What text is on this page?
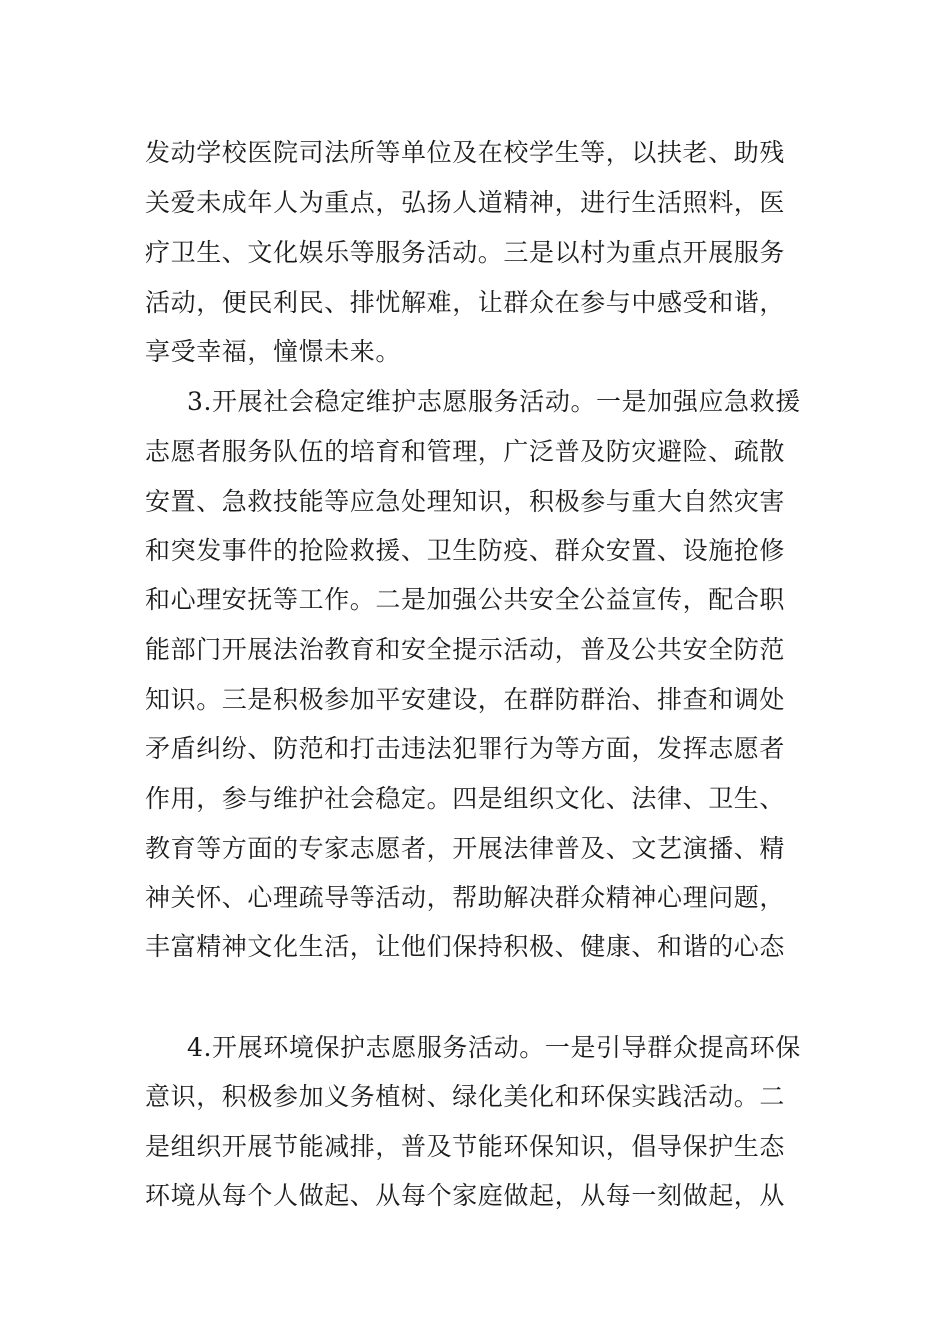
发动学校医院司法所等单位及在校学生等，以扶老、助残
关爱未成年人为重点，弘扬人道精神，进行生活照料，医
疗卫生、文化娱乐等服务活动。三是以村为重点开展服务
活动，便民利民、排忧解难，让群众在参与中感受和谐，
享受幸福，憧憬未来。
3.开展社会稳定维护志愿服务活动。一是加强应急救援
志愿者服务队伍的培育和管理，广泛普及防灾避险、疏散
安置、急救技能等应急处理知识，积极参与重大自然灾害
和突发事件的抢险救援、卫生防疫、群众安置、设施抢修
和心理安抚等工作。二是加强公共安全公益宣传，配合职
能部门开展法治教育和安全提示活动，普及公共安全防范
知识。三是积极参加平安建设，在群防群治、排查和调处
矛盾纠纷、防范和打击违法犯罪行为等方面，发挥志愿者
作用，参与维护社会稳定。四是组织文化、法律、卫生、
教育等方面的专家志愿者，开展法律普及、文艺演播、精
神关怀、心理疏导等活动，帮助解决群众精神心理问题，
丰富精神文化生活，让他们保持积极、健康、和谐的心态
4.开展环境保护志愿服务活动。一是引导群众提高环保
意识，积极参加义务植树、绿化美化和环保实践活动。二
是组织开展节能减排，普及节能环保知识，倡导保护生态
环境从每个人做起、从每个家庭做起，从每一刻做起，从
